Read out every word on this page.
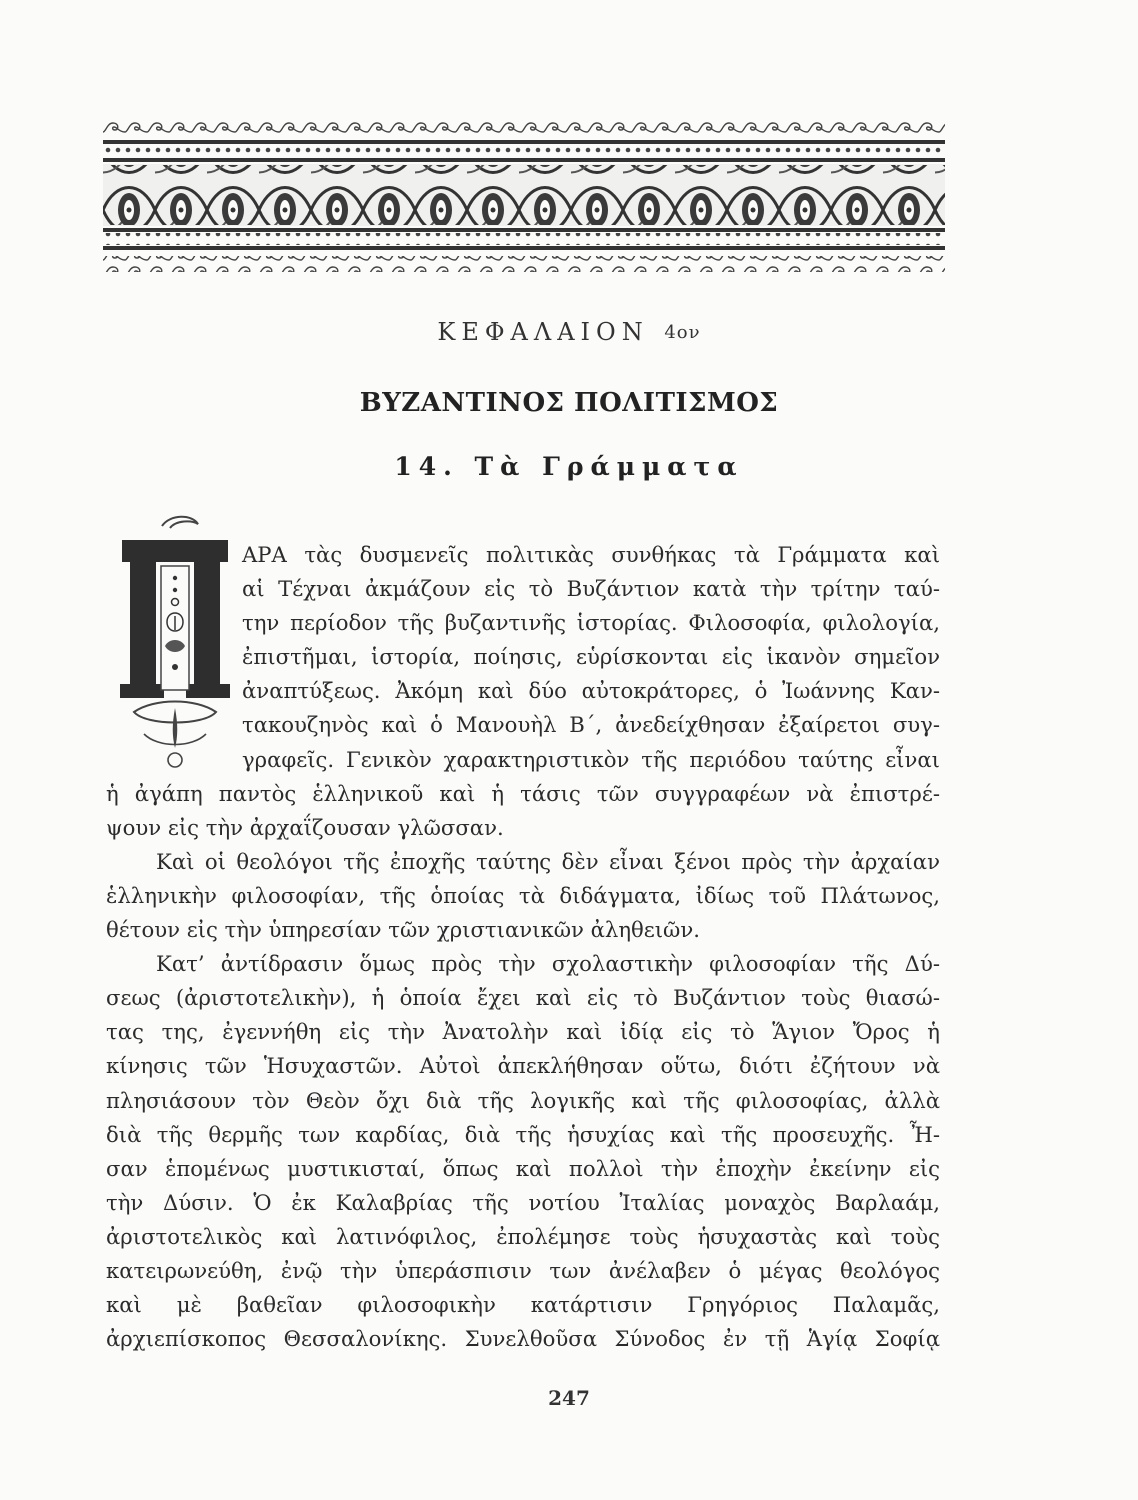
ΚΕΦΑΛΑΙΟΝ 4ον
ΒΥΖΑΝΤΙΝΟΣ ΠΟΛΙΤΙΣΜΟΣ
14. Τὰ Γράμματα
ΑΡΑ τὰς δυσμενεῖς πολιτικὰς συνθήκας τὰ Γράμματα καὶ
αἱ Τέχναι ἀκμάζουν εἰς τὸ Βυζάντιον κατὰ τὴν τρίτην ταύ-
την περίοδον τῆς βυζαντινῆς ἱστορίας. Φιλοσοφία, φιλολογία,
ἐπιστῆμαι, ἱστορία, ποίησις, εὑρίσκονται εἰς ἱκανὸν σημεῖον
ἀναπτύξεως. Ἀκόμη καὶ δύο αὐτοκράτορες, ὁ Ἰωάννης Καν-
τακουζηνὸς καὶ ὁ Μανουὴλ Β΄, ἀνεδείχθησαν ἐξαίρετοι συγ-
γραφεῖς. Γενικὸν χαρακτηριστικὸν τῆς περιόδου ταύτης εἶναι
ἡ ἀγάπη παντὸς ἑλληνικοῦ καὶ ἡ τάσις τῶν συγγραφέων νὰ ἐπιστρέ-
ψουν εἰς τὴν ἀρχαΐζουσαν γλῶσσαν.
Καὶ οἱ θεολόγοι τῆς ἐποχῆς ταύτης δὲν εἶναι ξένοι πρὸς τὴν ἀρχαίαν
ἑλληνικὴν φιλοσοφίαν, τῆς ὁποίας τὰ διδάγματα, ἰδίως τοῦ Πλάτωνος,
θέτουν εἰς τὴν ὑπηρεσίαν τῶν χριστιανικῶν ἀληθειῶν.
Κατ’ ἀντίδρασιν ὅμως πρὸς τὴν σχολαστικὴν φιλοσοφίαν τῆς Δύ-
σεως (ἀριστοτελικὴν), ἡ ὁποία ἔχει καὶ εἰς τὸ Βυζάντιον τοὺς θιασώ-
τας της, ἐγεννήθη εἰς τὴν Ἀνατολὴν καὶ ἰδίᾳ εἰς τὸ Ἅγιον Ὄρος ἡ
κίνησις τῶν Ἡσυχαστῶν. Αὐτοὶ ἀπεκλήθησαν οὕτω, διότι ἐζήτουν νὰ
πλησιάσουν τὸν Θεὸν ὄχι διὰ τῆς λογικῆς καὶ τῆς φιλοσοφίας, ἀλλὰ
διὰ τῆς θερμῆς των καρδίας, διὰ τῆς ἡσυχίας καὶ τῆς προσευχῆς. Ἦ-
σαν ἑπομένως μυστικισταί, ὅπως καὶ πολλοὶ τὴν ἐποχὴν ἐκείνην εἰς
τὴν Δύσιν. Ὁ ἐκ Καλαβρίας τῆς νοτίου Ἰταλίας μοναχὸς Βαρλαάμ,
ἀριστοτελικὸς καὶ λατινόφιλος, ἐπολέμησε τοὺς ἡσυχαστὰς καὶ τοὺς
κατειρωνεύθη, ἐνῷ τὴν ὑπεράσπισιν των ἀνέλαβεν ὁ μέγας θεολόγος
καὶ μὲ βαθεῖαν φιλοσοφικὴν κατάρτισιν Γρηγόριος Παλαμᾶς,
ἀρχιεπίσκοπος Θεσσαλονίκης. Συνελθοῦσα Σύνοδος ἐν τῇ Ἁγίᾳ Σοφίᾳ
247
